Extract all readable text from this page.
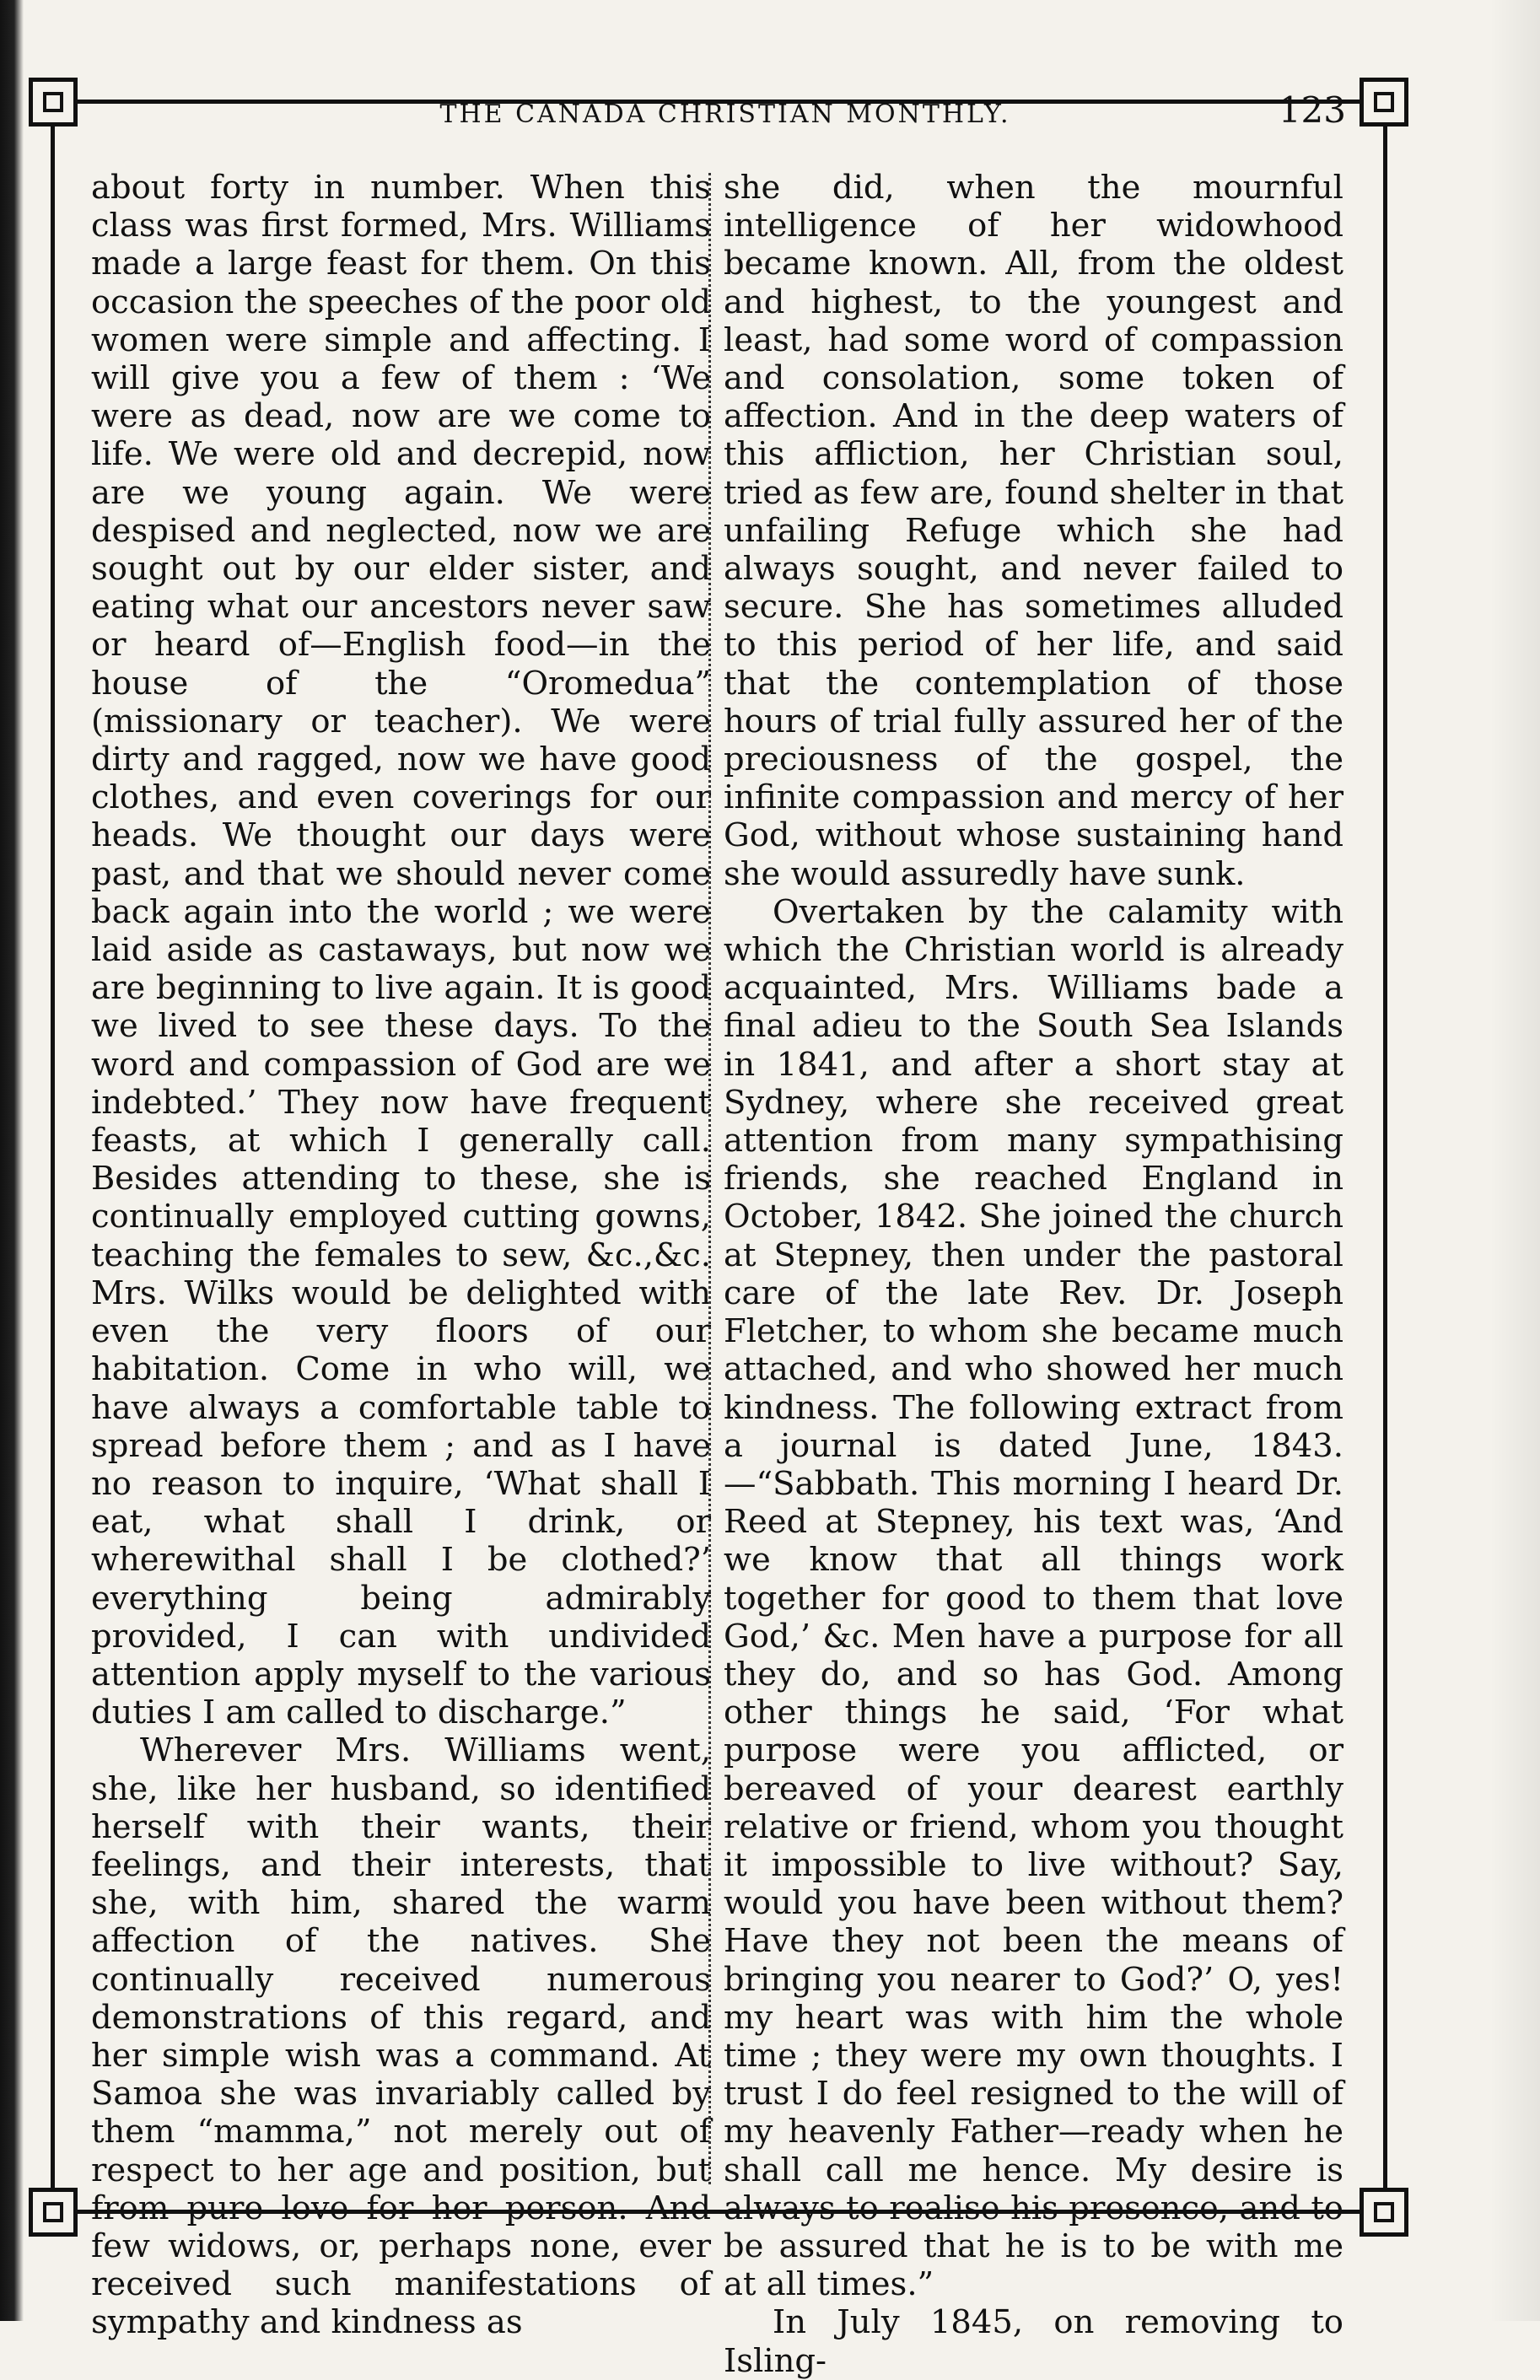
THE CANADA CHRISTIAN MONTHLY.	123

about forty in number. When this class was first formed, Mrs. Williams made a large feast for them. On this occasion the speeches of the poor old women were simple and affecting. I will give you a few of them : ‘We were as dead, now are we come to life. We were old and decrepid, now are we young again. We were despised and neglected, now we are sought out by our elder sister, and eating what our ancestors never saw or heard of—English food—in the house of the “Oromedua” (missionary or teacher). We were dirty and ragged, now we have good clothes, and even coverings for our heads. We thought our days were past, and that we should never come back again into the world ; we were laid aside as castaways, but now we are beginning to live again. It is good we lived to see these days. To the word and compassion of God are we indebted.’ They now have frequent feasts, at which I generally call. Besides attending to these, she is continually employed cutting gowns, teaching the females to sew, &c.,&c. Mrs. Wilks would be delighted with even the very floors of our habitation. Come in who will, we have always a comfortable table to spread before them ; and as I have no reason to inquire, ‘What shall I eat, what shall I drink, or wherewithal shall I be clothed?’ everything being admirably provided, I can with undivided attention apply myself to the various duties I am called to discharge.”

Wherever Mrs. Williams went, she, like her husband, so identified herself with their wants, their feelings, and their interests, that she, with him, shared the warm affection of the natives. She continually received numerous demonstrations of this regard, and her simple wish was a command. At Samoa she was invariably called by them “mamma,” not merely out of respect to her age and position, but from pure love for her person. And few widows, or, perhaps none, ever received such manifestations of sympathy and kindness as

she did, when the mournful intelligence of her widowhood became known. All, from the oldest and highest, to the youngest and least, had some word of compassion and consolation, some token of affection. And in the deep waters of this affliction, her Christian soul, tried as few are, found shelter in that unfailing Refuge which she had always sought, and never failed to secure. She has sometimes alluded to this period of her life, and said that the contemplation of those hours of trial fully assured her of the preciousness of the gospel, the infinite compassion and mercy of her God, without whose sustaining hand she would assuredly have sunk.

Overtaken by the calamity with which the Christian world is already acquainted, Mrs. Williams bade a final adieu to the South Sea Islands in 1841, and after a short stay at Sydney, where she received great attention from many sympathising friends, she reached England in October, 1842. She joined the church at Stepney, then under the pastoral care of the late Rev. Dr. Joseph Fletcher, to whom she became much attached, and who showed her much kindness. The following extract from a journal is dated June, 1843.—“Sabbath. This morning I heard Dr. Reed at Stepney, his text was, ‘And we know that all things work together for good to them that love God,’ &c. Men have a purpose for all they do, and so has God. Among other things he said, ‘For what purpose were you afflicted, or bereaved of your dearest earthly relative or friend, whom you thought it impossible to live without? Say, would you have been without them? Have they not been the means of bringing you nearer to God?’ O, yes! my heart was with him the whole time ; they were my own thoughts. I trust I do feel resigned to the will of my heavenly Father—ready when he shall call me hence. My desire is always to realise his presence, and to be assured that he is to be with me at all times.”

In July 1845, on removing to Isling-
